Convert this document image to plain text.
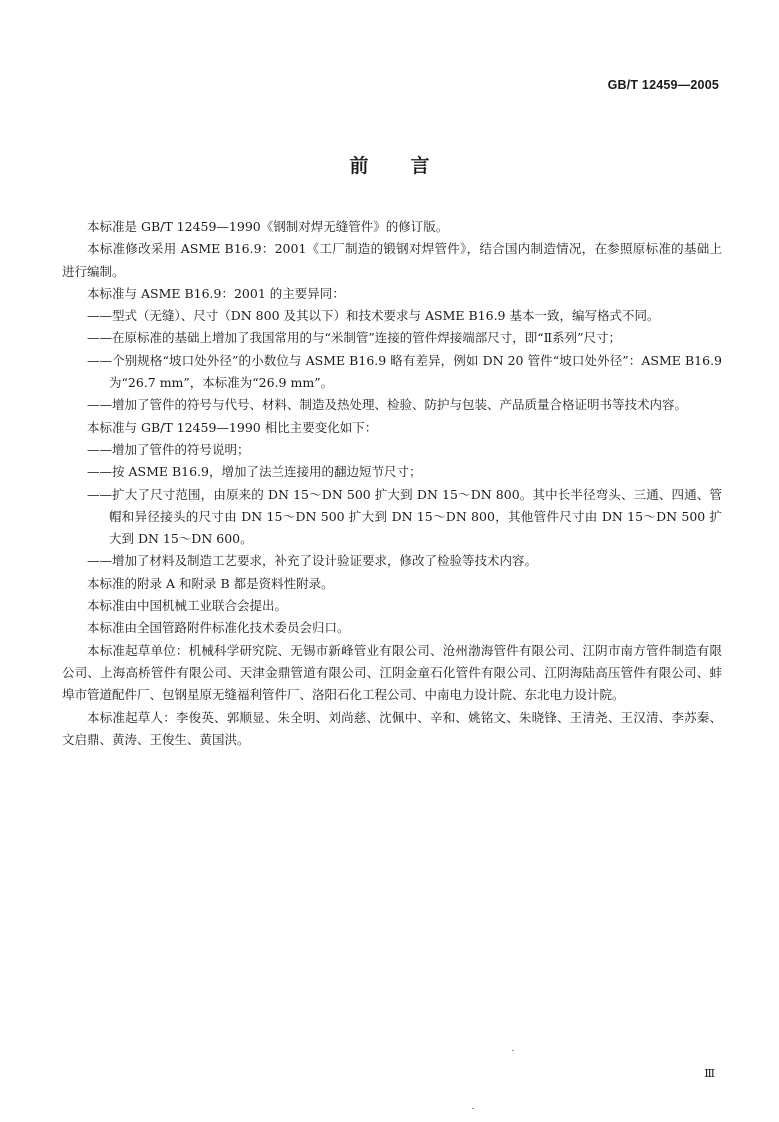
GB/T 12459—2005
前 言

本标准是 GB/T 12459—1990《钢制对焊无缝管件》的修订版。

本标准修改采用 ASME B16.9：2001《工厂制造的锻钢对焊管件》，结合国内制造情况，在参照原标准的基础上进行编制。

本标准与 ASME B16.9：2001 的主要异同：

——型式（无缝）、尺寸（DN 800 及其以下）和技术要求与 ASME B16.9 基本一致，编写格式不同。

——在原标准的基础上增加了我国常用的与“米制管”连接的管件焊接端部尺寸，即“Ⅱ系列”尺寸；

——个别规格“坡口处外径”的小数位与 ASME B16.9 略有差异，例如 DN 20 管件“坡口处外径”：ASME B16.9 为“26.7 mm”，本标准为“26.9 mm”。

——增加了管件的符号与代号、材料、制造及热处理、检验、防护与包装、产品质量合格证明书等技术内容。

本标准与 GB/T 12459—1990 相比主要变化如下：

——增加了管件的符号说明；

——按 ASME B16.9，增加了法兰连接用的翻边短节尺寸；

——扩大了尺寸范围，由原来的 DN 15～DN 500 扩大到 DN 15～DN 800。其中长半径弯头、三通、四通、管帽和异径接头的尺寸由 DN 15～DN 500 扩大到 DN 15～DN 800，其他管件尺寸由 DN 15～DN 500 扩大到 DN 15～DN 600。

——增加了材料及制造工艺要求，补充了设计验证要求，修改了检验等技术内容。

本标准的附录 A 和附录 B 都是资料性附录。

本标准由中国机械工业联合会提出。

本标准由全国管路附件标准化技术委员会归口。

本标准起草单位：机械科学研究院、无锡市新峰管业有限公司、沧州渤海管件有限公司、江阴市南方管件制造有限公司、上海高桥管件有限公司、天津金鼎管道有限公司、江阴金童石化管件有限公司、江阴海陆高压管件有限公司、蚌埠市管道配件厂、包钢星原无缝福利管件厂、洛阳石化工程公司、中南电力设计院、东北电力设计院。

本标准起草人：李俊英、郭顺显、朱全明、刘尚慈、沈佩中、辛和、姚铭文、朱晓锋、王清尧、王汉清、李苏秦、文启鼎、黄涛、王俊生、黄国洪。

Ⅲ
